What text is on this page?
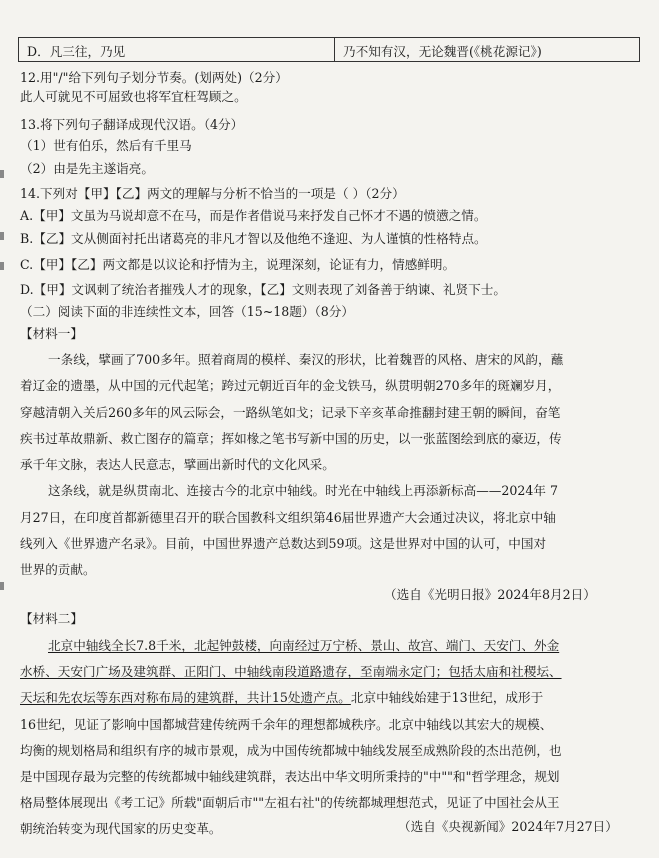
D．凡三往，乃见	乃不知有汉，无论魏晋(《桃花源记》)
12.用"/"给下列句子划分节奏。(划两处)（2分）
此人可就见不可屈致也将军宜枉驾顾之。
13.将下列句子翻译成现代汉语。（4分）
（1）世有伯乐，然后有千里马
（2）由是先主遂诣亮。
14.下列对【甲】【乙】两文的理解与分析不恰当的一项是（ ）（2分）
A.【甲】文虽为马说却意不在马，而是作者借说马来抒发自己怀才不遇的愤懑之情。
B.【乙】文从侧面衬托出诸葛亮的非凡才智以及他绝不逢迎、为人谨慎的性格特点。
C.【甲】【乙】两文都是以议论和抒情为主，说理深刻，论证有力，情感鲜明。
D.【甲】文讽刺了统治者摧残人才的现象，【乙】文则表现了刘备善于纳谏、礼贤下士。
（二）阅读下面的非连续性文本，回答（15~18题）（8分）
【材料一】
一条线，擘画了700多年。照着商周的模样、秦汉的形状，比着魏晋的风格、唐宋的风韵，蘸
着辽金的遗墨，从中国的元代起笔；跨过元朝近百年的金戈铁马，纵贯明朝270多年的斑斓岁月，
穿越清朝入关后260多年的风云际会，一路纵笔如戈；记录下辛亥革命推翻封建王朝的瞬间，奋笔
疾书过革故鼎新、救亡图存的篇章；挥如椽之笔书写新中国的历史，以一张蓝图绘到底的豪迈，传
承千年文脉，表达人民意志，擘画出新时代的文化风采。
这条线，就是纵贯南北、连接古今的北京中轴线。时光在中轴线上再添新标高——2024年 7
月27日，在印度首都新德里召开的联合国教科文组织第46届世界遗产大会通过决议，将北京中轴
线列入《世界遗产名录》。目前，中国世界遗产总数达到59项。这是世界对中国的认可，中国对
世界的贡献。
（选自《光明日报》2024年8月2日）
【材料二】
北京中轴线全长7.8千米，北起钟鼓楼，向南经过万宁桥、景山、故宫、端门、天安门、外金
水桥、天安门广场及建筑群、正阳门、中轴线南段道路遗存，至南端永定门；包括太庙和社稷坛、
天坛和先农坛等东西对称布局的建筑群，共计15处遗产点。北京中轴线始建于13世纪，成形于
16世纪，见证了影响中国都城营建传统两千余年的理想都城秩序。北京中轴线以其宏大的规模、
均衡的规划格局和组织有序的城市景观，成为中国传统都城中轴线发展至成熟阶段的杰出范例，也
是中国现存最为完整的传统都城中轴线建筑群，表达出中华文明所秉持的"中""和"哲学理念，规划
格局整体展现出《考工记》所载"面朝后市""左祖右社"的传统都城理想范式，见证了中国社会从王
朝统治转变为现代国家的历史变革。	（选自《央视新闻》2024年7月27日）
